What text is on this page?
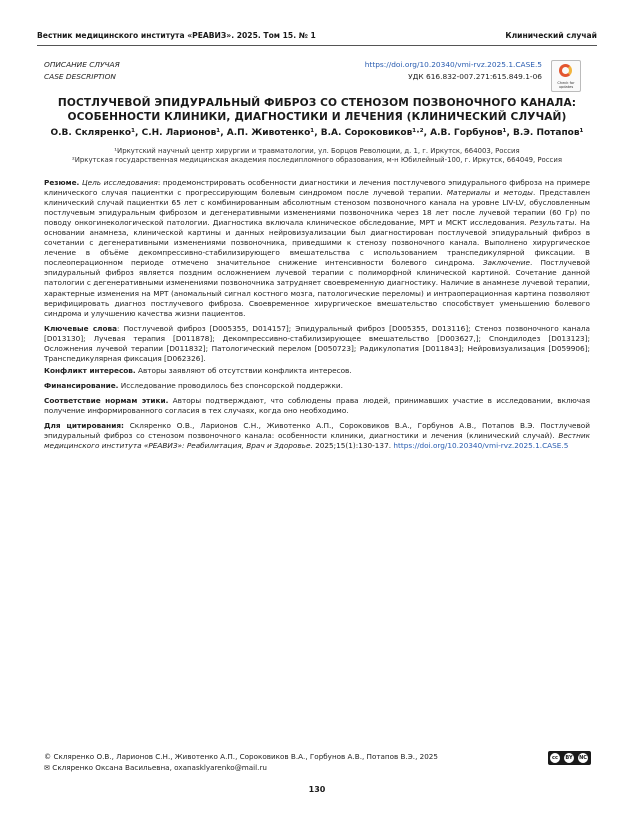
Вестник медицинского института «РЕАВИЗ». 2025. Том 15. № 1	Клинический случай
ОПИСАНИЕ СЛУЧАЯ
CASE DESCRIPTION
https://doi.org/10.20340/vmi-rvz.2025.1.CASE.5
УДК 616.832-007.271:615.849.1-06
Check for updates
ПОСТЛУЧЕВОЙ ЭПИДУРАЛЬНЫЙ ФИБРОЗ СО СТЕНОЗОМ ПОЗВОНОЧНОГО КАНАЛА:
ОСОБЕННОСТИ КЛИНИКИ, ДИАГНОСТИКИ И ЛЕЧЕНИЯ (КЛИНИЧЕСКИЙ СЛУЧАЙ)
О.В. Скляренко¹, С.Н. Ларионов¹, А.П. Животенко¹, В.А. Сороковиков¹·², А.В. Горбунов¹, В.Э. Потапов¹
¹Иркутский научный центр хирургии и травматологии, ул. Борцов Революции, д. 1, г. Иркутск, 664003, Россия
²Иркутская государственная медицинская академия последипломного образования, м-н Юбилейный-100, г. Иркутск, 664049, Россия
Резюме. Цель исследования: продемонстрировать особенности диагностики и лечения постлучевого эпидурального фиброза на примере клинического случая пациентки с прогрессирующим болевым синдромом после лучевой терапии. Материалы и методы. Представлен клинический случай пациентки 65 лет с комбинированным абсолютным стенозом позвоночного канала на уровне LIV-LV, обусловленным постлучевым эпидуральным фиброзом и дегенеративными изменениями позвоночника через 18 лет после лучевой терапии (60 Гр) по поводу онкогинекологической патологии. Диагностика включала клиническое обследование, МРТ и МСКТ исследования. Результаты. На основании анамнеза, клинической картины и данных нейровизуализации был диагностирован постлучевой эпидуральный фиброз в сочетании с дегенеративными изменениями позвоночника, приведшими к стенозу позвоночного канала. Выполнено хирургическое лечение в объёме декомпрессивно-стабилизирующего вмешательства с использованием транспедикулярной фиксации. В послеоперационном периоде отмечено значительное снижение интенсивности болевого синдрома. Заключение. Постлучевой эпидуральный фиброз является поздним осложнением лучевой терапии с полиморфной клинической картиной. Сочетание данной патологии с дегенеративными изменениями позвоночника затрудняет своевременную диагностику. Наличие в анамнезе лучевой терапии, характерные изменения на МРТ (аномальный сигнал костного мозга, патологические переломы) и интраоперационная картина позволяют верифицировать диагноз постлучевого фиброза. Своевременное хирургическое вмешательство способствует уменьшению болевого синдрома и улучшению качества жизни пациентов.
Ключевые слова: Постлучевой фиброз [D005355, D014157]; Эпидуральный фиброз [D005355, D013116]; Стеноз позвоночного канала [D013130]; Лучевая терапия [D011878]; Декомпрессивно-стабилизирующее вмешательство [D003627,]; Спондилодез [D013123]; Осложнения лучевой терапии [D011832]; Патологический перелом [D050723]; Радикулопатия [D011843]; Нейровизуализация [D059906]; Транспедикулярная фиксация [D062326].
Конфликт интересов. Авторы заявляют об отсутствии конфликта интересов.
Финансирование. Исследование проводилось без спонсорской поддержки.
Соответствие нормам этики. Авторы подтверждают, что соблюдены права людей, принимавших участие в исследовании, включая получение информированного согласия в тех случаях, когда оно необходимо.
Для цитирования: Скляренко О.В., Ларионов С.Н., Животенко А.П., Сороковиков В.А., Горбунов А.В., Потапов В.Э. Постлучевой эпидуральный фиброз со стенозом позвоночного канала: особенности клиники, диагностики и лечения (клинический случай). Вестник медицинского института «РЕАВИЗ»: Реабилитация, Врач и Здоровье. 2025;15(1):130-137. https://doi.org/10.20340/vmi-rvz.2025.1.CASE.5
© Скляренко О.В., Ларионов С.Н., Животенко А.П., Сороковиков В.А., Горбунов А.В., Потапов В.Э., 2025
✉ Скляренко Оксана Васильевна, oxanasklyarenko@mail.ru
cc	BY NC
130
